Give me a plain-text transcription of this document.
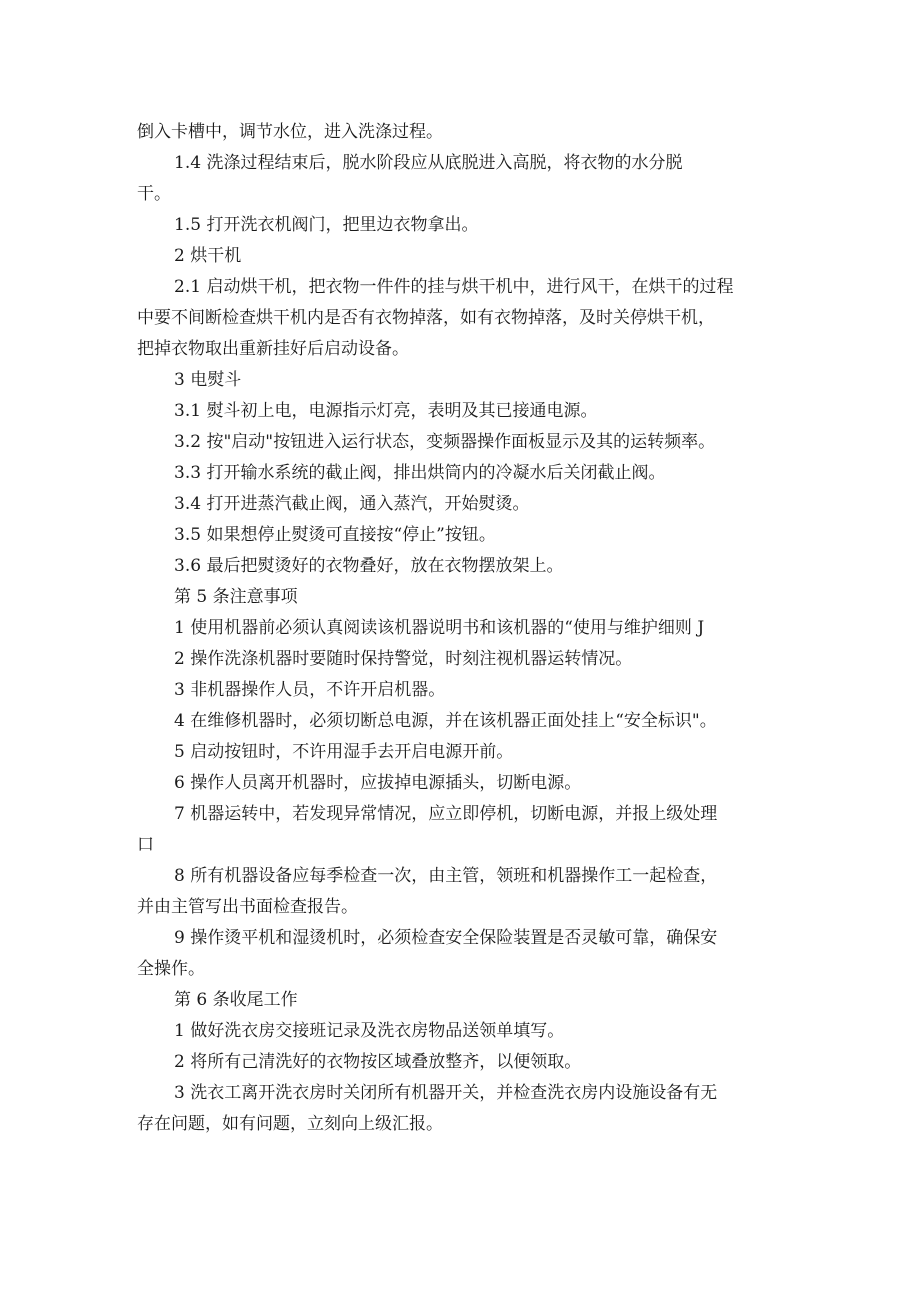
倒入卡槽中，调节水位，进入洗涤过程。
1.4 洗涤过程结束后，脱水阶段应从底脱进入高脱，将衣物的水分脱
干。
1.5 打开洗衣机阀门，把里边衣物拿出。
2 烘干机
2.1 启动烘干机，把衣物一件件的挂与烘干机中，进行风干，在烘干的过程
中要不间断检查烘干机内是否有衣物掉落，如有衣物掉落，及时关停烘干机，
把掉衣物取出重新挂好后启动设备。
3 电熨斗
3.1 熨斗初上电，电源指示灯亮，表明及其已接通电源。
3.2 按"启动"按钮进入运行状态，变频器操作面板显示及其的运转频率。
3.3 打开输水系统的截止阀，排出烘筒内的冷凝水后关闭截止阀。
3.4 打开进蒸汽截止阀，通入蒸汽，开始熨烫。
3.5 如果想停止熨烫可直接按“停止”按钮。
3.6 最后把熨烫好的衣物叠好，放在衣物摆放架上。
第 5 条注意事项
1 使用机器前必须认真阅读该机器说明书和该机器的“使用与维护细则 J
2 操作洗涤机器时要随时保持警觉，时刻注视机器运转情况。
3 非机器操作人员，不许开启机器。
4 在维修机器时，必须切断总电源，并在该机器正面处挂上“安全标识"。
5 启动按钮时，不许用湿手去开启电源开前。
6 操作人员离开机器时，应拔掉电源插头，切断电源。
7 机器运转中，若发现异常情况，应立即停机，切断电源，并报上级处理
口
8 所有机器设备应每季检查一次，由主管，领班和机器操作工一起检查，
并由主管写出书面检查报告。
9 操作烫平机和湿烫机时，必须检查安全保险装置是否灵敏可靠，确保安
全操作。
第 6 条收尾工作
1 做好洗衣房交接班记录及洗衣房物品送领单填写。
2 将所有己清洗好的衣物按区域叠放整齐，以便领取。
3 洗衣工离开洗衣房时关闭所有机器开关，并检查洗衣房内设施设备有无
存在问题，如有问题，立刻向上级汇报。
